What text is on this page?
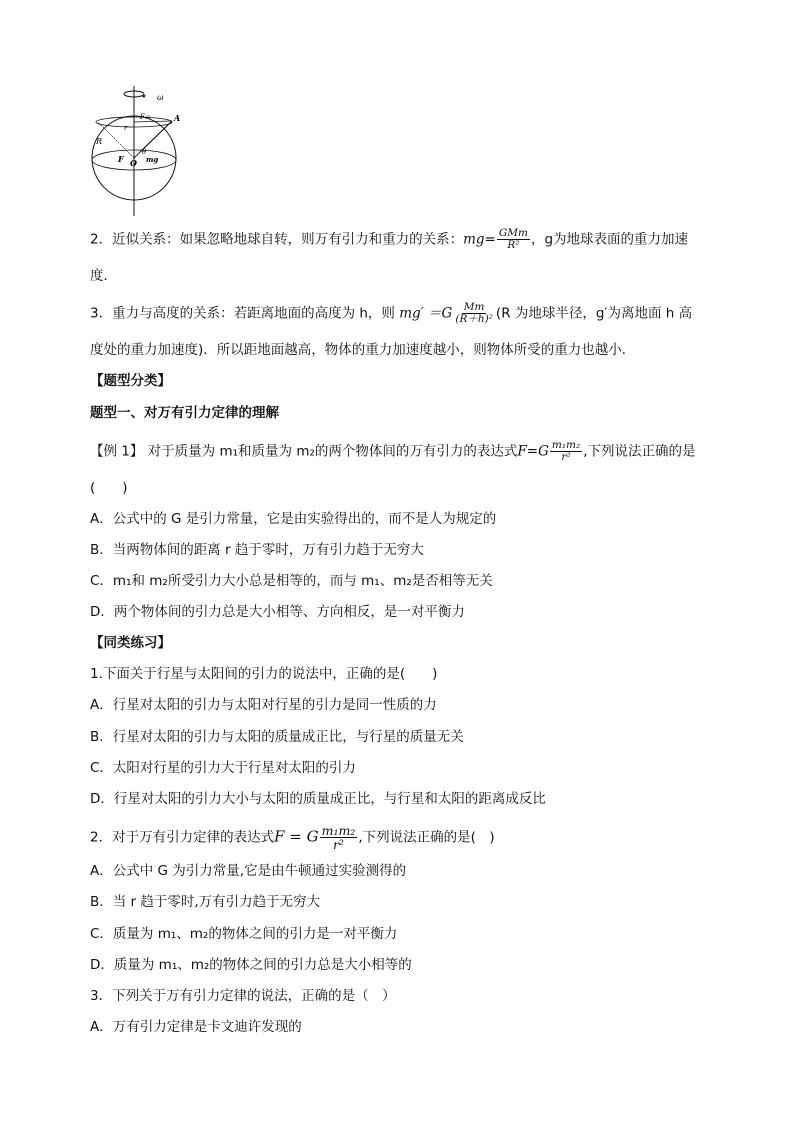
ω
F向	A
r
R
F O
θ
mg
2．近似关系：如果忽略地球自转，则万有引力和重力的关系：$mg= \frac{\text{GMm}}{\text{R²}}$ ，g为地球表面的重力加速
度．
3．重力与高度的关系：若距离地面的高度为 h，则 $mg' =G \frac{Mm}{\text{(R＋h)²}} (R$ 为地球半径，g′为离地面 h 高
度处的重力加速度)．所以距地面越高，物体的重力加速度越小，则物体所受的重力也越小．
【题型分类】
题型一、对万有引力定律的理解
【例 1】 对于质量为 m₁和质量为 m₂的两个物体间的万有引力的表达式$F=G \frac{\text{m₁m₂}}{\text{r²}}$ ,下列说法正确的是
(　　)
A．公式中的 G 是引力常量，它是由实验得出的，而不是人为规定的
B．当两物体间的距离 r 趋于零时，万有引力趋于无穷大
C．m₁和 m₂所受引力大小总是相等的，而与 m₁、m₂是否相等无关
D．两个物体间的引力总是大小相等、方向相反，是一对平衡力
【同类练习】
1.下面关于行星与太阳间的引力的说法中，正确的是(　　)
A．行星对太阳的引力与太阳对行星的引力是同一性质的力
B．行星对太阳的引力与太阳的质量成正比，与行星的质量无关
C．太阳对行星的引力大于行星对太阳的引力
D．行星对太阳的引力大小与太阳的质量成正比，与行星和太阳的距离成反比
2．对于万有引力定律的表达式F = G $\frac{\text{m₁m₂}}{\text{r²}}$ ,下列说法正确的是(　)
A．公式中 G 为引力常量,它是由牛顿通过实验测得的
B．当 r 趋于零时,万有引力趋于无穷大
C．质量为 m₁、m₂的物体之间的引力是一对平衡力
D．质量为 m₁、m₂的物体之间的引力总是大小相等的
3．下列关于万有引力定律的说法，正确的是（　）
A．万有引力定律是卡文迪许发现的
